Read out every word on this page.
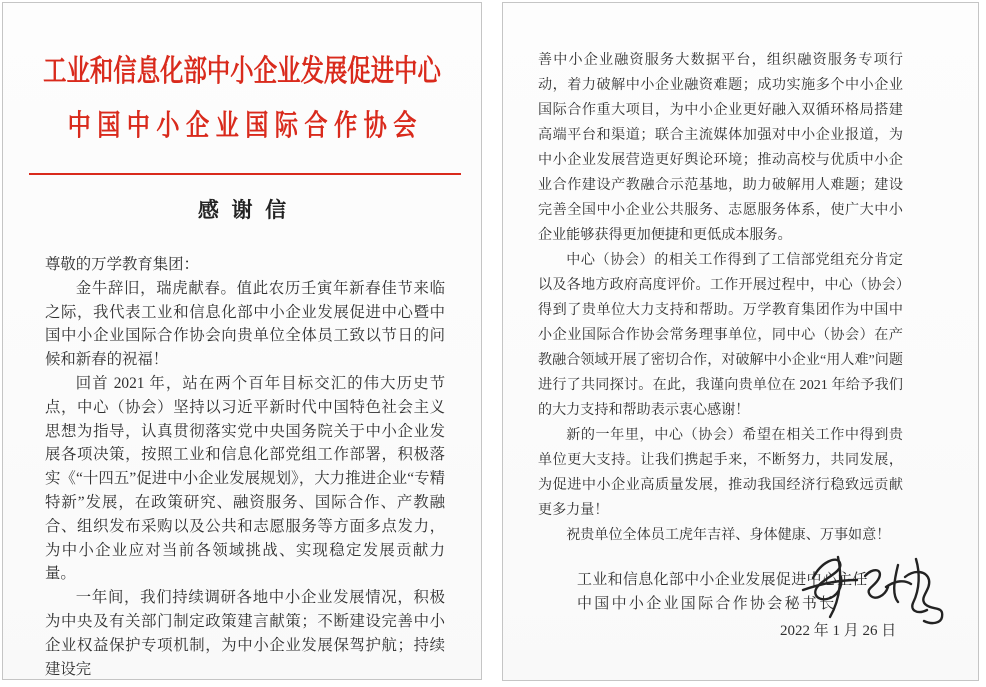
工业和信息化部中小企业发展促进中心
中国中小企业国际合作协会
感谢信

尊敬的万学教育集团：

金牛辞旧，瑞虎献春。值此农历壬寅年新春佳节来临之际，我代表工业和信息化部中小企业发展促进中心暨中国中小企业国际合作协会向贵单位全体员工致以节日的问候和新春的祝福！

回首 2021 年，站在两个百年目标交汇的伟大历史节点，中心（协会）坚持以习近平新时代中国特色社会主义思想为指导，认真贯彻落实党中央国务院关于中小企业发展各项决策，按照工业和信息化部党组工作部署，积极落实《“十四五”促进中小企业发展规划》，大力推进企业“专精特新”发展，在政策研究、融资服务、国际合作、产教融合、组织发布采购以及公共和志愿服务等方面多点发力，为中小企业应对当前各领域挑战、实现稳定发展贡献力量。

一年间，我们持续调研各地中小企业发展情况，积极为中央及有关部门制定政策建言献策；不断建设完善中小企业权益保护专项机制，为中小企业发展保驾护航；持续建设完

善中小企业融资服务大数据平台，组织融资服务专项行动，着力破解中小企业融资难题；成功实施多个中小企业国际合作重大项目，为中小企业更好融入双循环格局搭建高端平台和渠道；联合主流媒体加强对中小企业报道，为中小企业发展营造更好舆论环境；推动高校与优质中小企业合作建设产教融合示范基地，助力破解用人难题；建设完善全国中小企业公共服务、志愿服务体系，使广大中小企业能够获得更加便捷和更低成本服务。

中心（协会）的相关工作得到了工信部党组充分肯定以及各地方政府高度评价。工作开展过程中，中心（协会）得到了贵单位大力支持和帮助。万学教育集团作为中国中小企业国际合作协会常务理事单位，同中心（协会）在产教融合领域开展了密切合作，对破解中小企业“用人难”问题进行了共同探讨。在此，我谨向贵单位在 2021 年给予我们的大力支持和帮助表示衷心感谢！

新的一年里，中心（协会）希望在相关工作中得到贵单位更大支持。让我们携起手来，不断努力，共同发展，为促进中小企业高质量发展，推动我国经济行稳致远贡献更多力量！

祝贵单位全体员工虎年吉祥、身体健康、万事如意！

工业和信息化部中小企业发展促进中心主任

中国中小企业国际合作协会秘书长

2022 年 1 月 26 日
